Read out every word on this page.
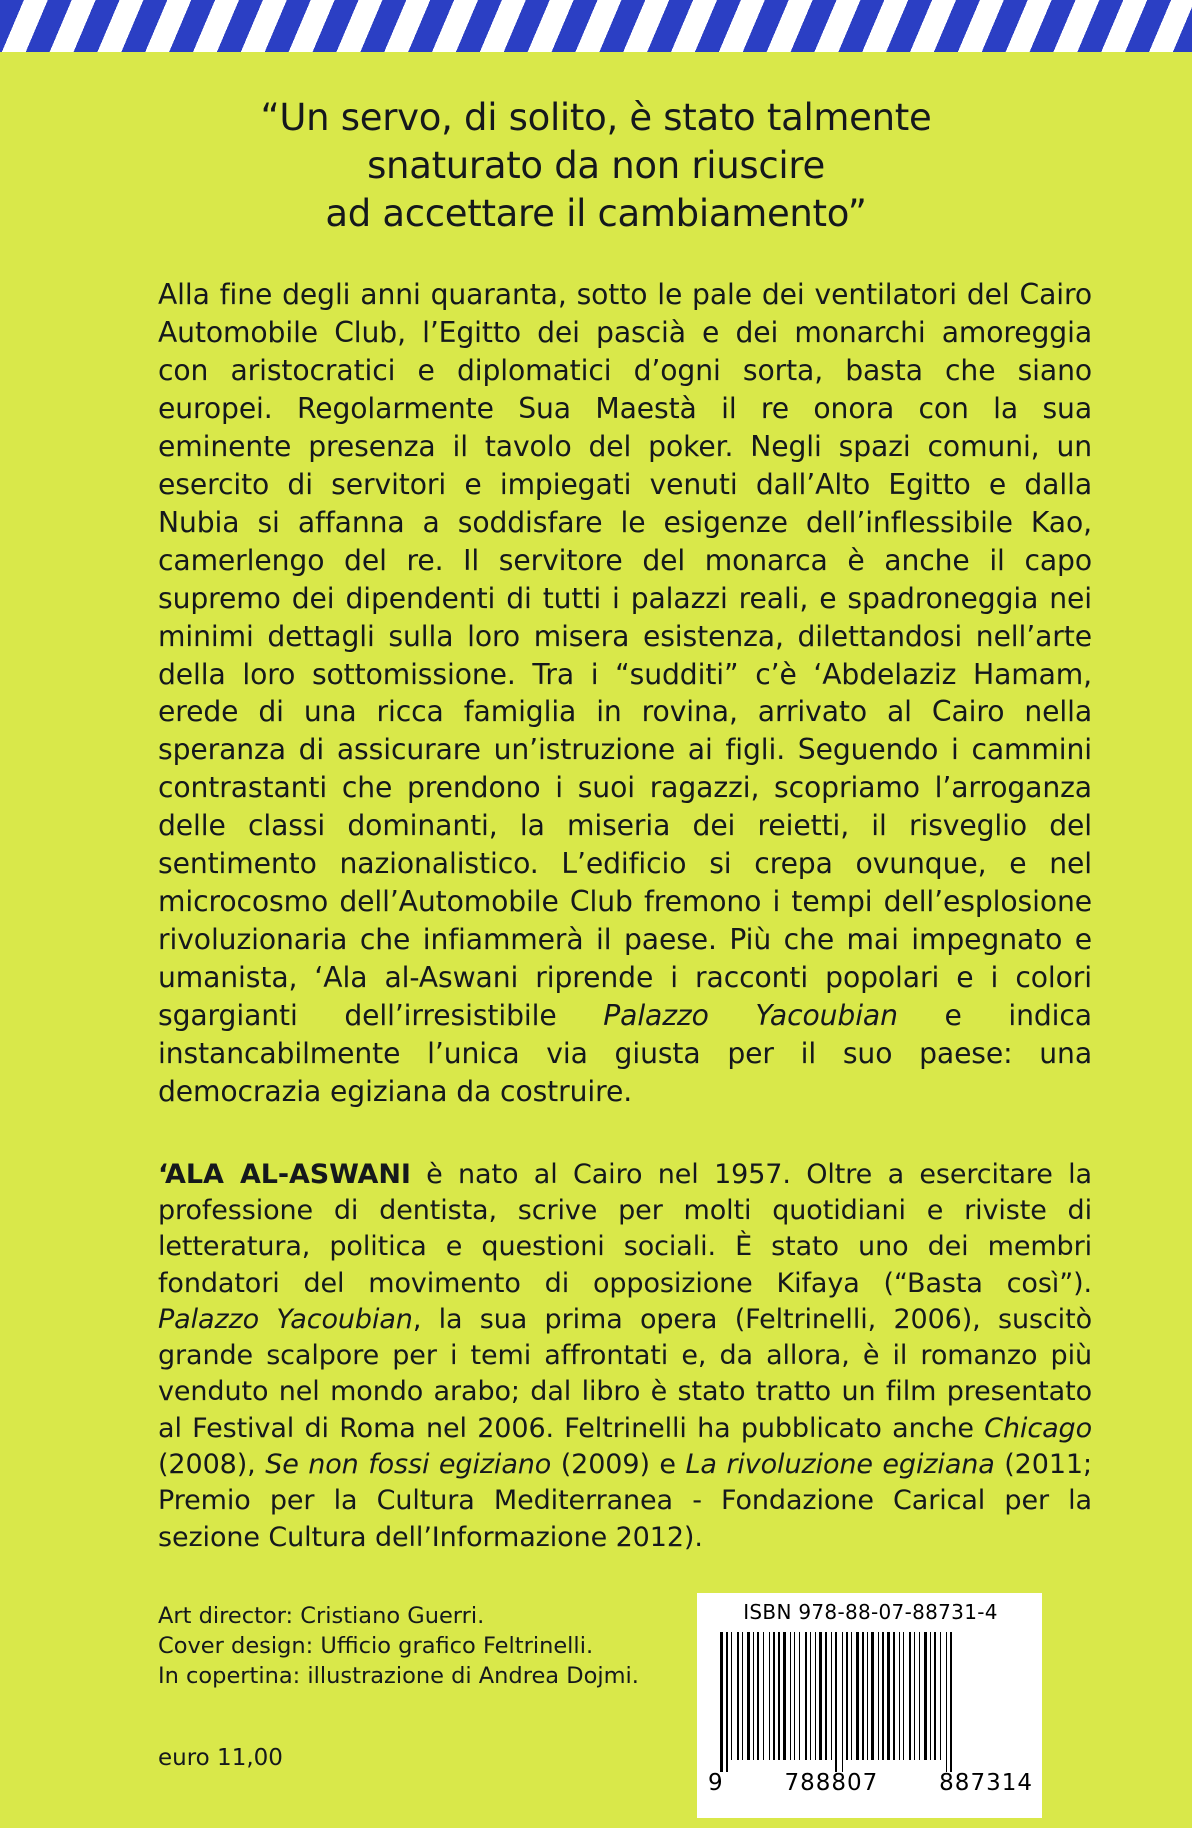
“Un servo, di solito, è stato talmente
snaturato da non riuscire
ad accettare il cambiamento”
Alla fine degli anni quaranta, sotto le pale dei ventilatori del Cairo Automobile Club, l’Egitto dei pascià e dei monarchi amoreggia con aristocratici e diplomatici d’ogni sorta, basta che siano europei. Regolarmente Sua Maestà il re onora con la sua eminente presenza il tavolo del poker. Negli spazi comuni, un esercito di servitori e impiegati venuti dall’Alto Egitto e dalla Nubia si affanna a soddisfare le esigenze dell’inflessibile Kao, camerlengo del re. Il servitore del monarca è anche il capo supremo dei dipendenti di tutti i palazzi reali, e spadroneggia nei minimi dettagli sulla loro misera esistenza, dilettandosi nell’arte della loro sottomissione. Tra i “sudditi” c’è ‘Abdelaziz Hamam, erede di una ricca famiglia in rovina, arrivato al Cairo nella speranza di assicurare un’istruzione ai figli. Seguendo i cammini contrastanti che prendono i suoi ragazzi, scopriamo l’arroganza delle classi dominanti, la miseria dei reietti, il risveglio del sentimento nazionalistico. L’edificio si crepa ovunque, e nel microcosmo dell’Automobile Club fremono i tempi dell’esplosione rivoluzionaria che infiammerà il paese. Più che mai impegnato e umanista, ‘Ala al-Aswani riprende i racconti popolari e i colori sgargianti dell’irresistibile Palazzo Yacoubian e indica instancabilmente l’unica via giusta per il suo paese: una democrazia egiziana da costruire.
‘ALA AL-ASWANI è nato al Cairo nel 1957. Oltre a esercitare la professione di dentista, scrive per molti quotidiani e riviste di letteratura, politica e questioni sociali. È stato uno dei membri fondatori del movimento di opposizione Kifaya (“Basta così”). Palazzo Yacoubian, la sua prima opera (Feltrinelli, 2006), suscitò grande scalpore per i temi affrontati e, da allora, è il romanzo più venduto nel mondo arabo; dal libro è stato tratto un film presentato al Festival di Roma nel 2006. Feltrinelli ha pubblicato anche Chicago (2008), Se non fossi egiziano (2009) e La rivoluzione egiziana (2011; Premio per la Cultura Mediterranea - Fondazione Carical per la sezione Cultura dell’Informazione 2012).
Art director: Cristiano Guerri.
Cover design: Ufficio grafico Feltrinelli.
In copertina: illustrazione di Andrea Dojmi.
euro 11,00
ISBN 978-88-07-88731-4
9	788807	887314
